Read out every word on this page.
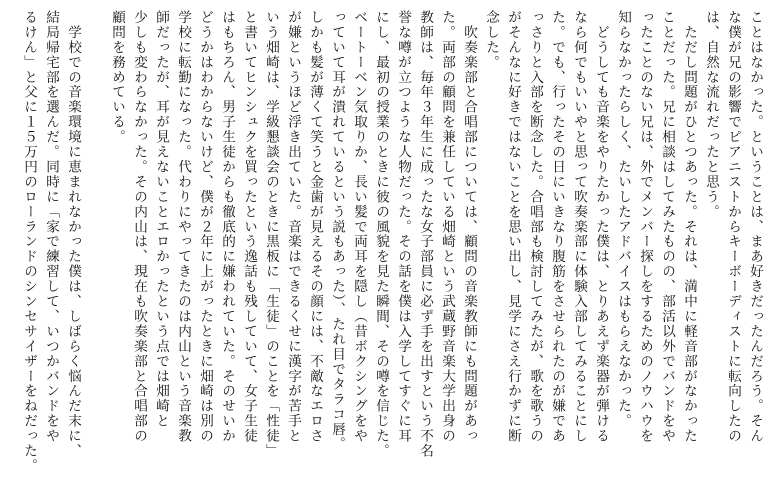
ことはなかった。ということは、まあ好きだったんだろう。そん
な僕が兄の影響でピアニストからキーボーディストに転向したの
は、自然な流れだったと思う。
　ただし問題がひとつあった。それは、満中に軽音部がなかった
ことだった。兄に相談はしてみたものの、部活以外でバンドをや
ったことのない兄は、外でメンバー探しをするためのノウハウを
知らなかったらしく、たいしたアドバイスはもらえなかった。
　どうしても音楽をやりたかった僕は、とりあえず楽器が弾ける
なら何でもいいやと思って吹奏楽部に体験入部してみることにし
た。でも、行ったその日にいきなり腹筋をさせられたのが嫌であ
っさりと入部を断念した。合唱部も検討してみたが、歌を歌うの
がそんなに好きではないことを思い出し、見学にさえ行かずに断
念した。
　吹奏楽部と合唱部については、顧問の音楽教師にも問題があっ
た。両部の顧問を兼任している畑崎という武蔵野音楽大学出身の
教師は、毎年３年生に成ったな女子部員に必ず手を出すという不名
誉な噂が立つような人物だった。その話を僕は入学してすぐに耳
にし、最初の授業のときに彼の風貌を見た瞬間、その噂を信じた。
ベートーベン気取りか、長い髪で両耳を隠し（昔ボクシングをや
っていて耳が潰れているという説もあった）、たれ目でタラコ唇。
しかも髪が薄くて笑うと金歯が見えるその顔には、不敵なエロさ
が嫌というほど浮き出ていた。音楽はできるくせに漢字が苦手と
いう畑崎は、学級懇談会のときに黒板に「生徒」のことを「性徒」
と書いてヒンシュクを買ったという逸話も残していて、女子生徒
はもちろん、男子生徒からも徹底的に嫌われていた。そのせいか
どうかはわからないけど、僕が２年に上がったときに畑崎は別の
学校に転勤になった。代わりにやってきたのは内山という音楽教
師だったが、耳が見えないことエロかったという点では畑崎と
少しも変わらなかった。その内山は、現在も吹奏楽部と合唱部の
顧問を務めている。
　学校での音楽環境に恵まれなかった僕は、しばらく悩んだ末に、
結局帰宅部を選んだ。同時に「家で練習して、いつかバンドをや
るけん」と父に１５万円のローランドのシンセサイザーをねだった。
